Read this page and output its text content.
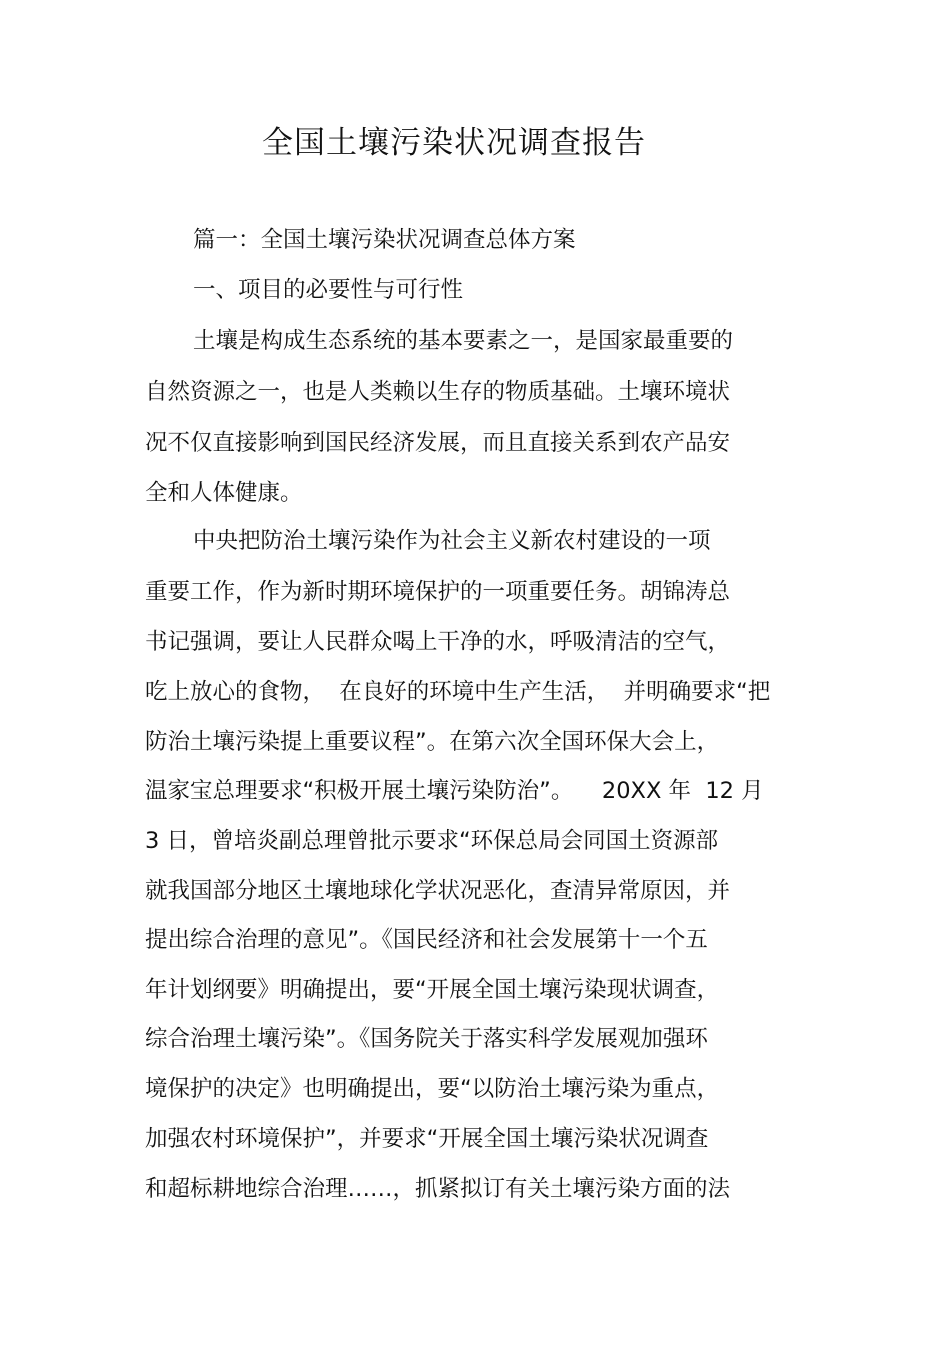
全国土壤污染状况调查报告

篇一：全国土壤污染状况调查总体方案

一、项目的必要性与可行性

土壤是构成生态系统的基本要素之一，是国家最重要的

自然资源之一，也是人类赖以生存的物质基础。土壤环境状

况不仅直接影响到国民经济发展，而且直接关系到农产品安

全和人体健康。

中央把防治土壤污染作为社会主义新农村建设的一项

重要工作，作为新时期环境保护的一项重要任务。胡锦涛总

书记强调，要让人民群众喝上干净的水，呼吸清洁的空气，

吃上放心的食物，  在良好的环境中生产生活，  并明确要求“把

防治土壤污染提上重要议程”。在第六次全国环保大会上，

温家宝总理要求“积极开展土壤污染防治”。    20XX 年  12 月

3 日，曾培炎副总理曾批示要求“环保总局会同国土资源部

就我国部分地区土壤地球化学状况恶化，查清异常原因，并

提出综合治理的意见”。《国民经济和社会发展第十一个五

年计划纲要》明确提出，要“开展全国土壤污染现状调查，

综合治理土壤污染”。《国务院关于落实科学发展观加强环

境保护的决定》也明确提出，要“以防治土壤污染为重点，

加强农村环境保护”，并要求“开展全国土壤污染状况调查

和超标耕地综合治理……，抓紧拟订有关土壤污染方面的法
